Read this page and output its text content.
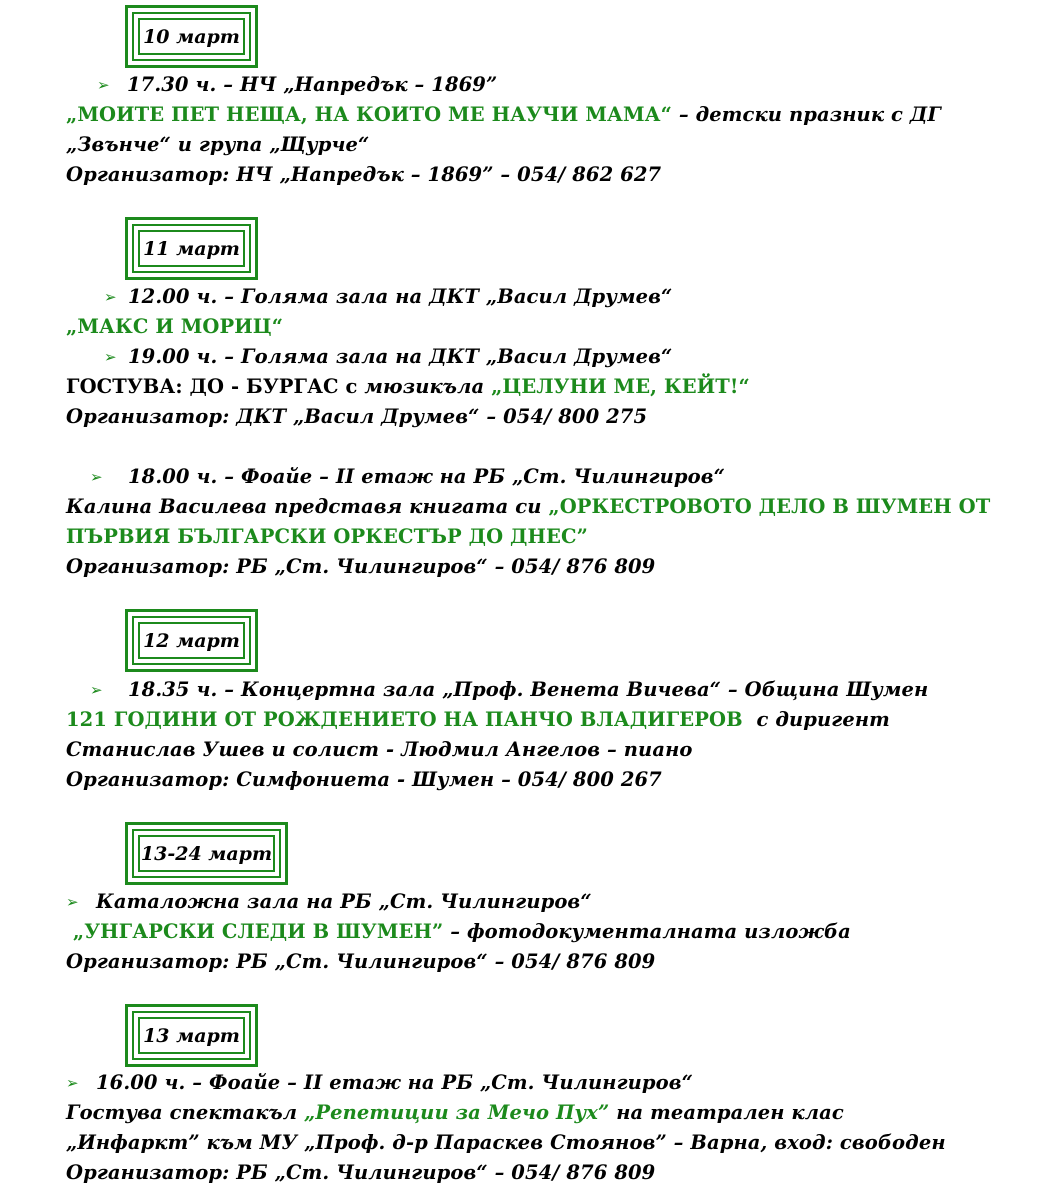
10 март
11 март
12 март
13-24 март
13 март
➢ 17.30 ч. – НЧ „Напредък – 1869”
„МОИТЕ ПЕТ НЕЩА, НА КОИТО МЕ НАУЧИ МАМА“ – детски празник с ДГ
„Звънче“ и група „Щурче“
Организатор: НЧ „Напредък – 1869” – 054/ 862 627
➢ 12.00 ч. – Голяма зала на ДКТ „Васил Друмев“
„МАКС И МОРИЦ“
➢ 19.00 ч. – Голяма зала на ДКТ „Васил Друмев“
ГОСТУВА: ДО - БУРГАС с мюзикъла „ЦЕЛУНИ МЕ, КЕЙТ!“
Организатор: ДКТ „Васил Друмев“ – 054/ 800 275
➢ 18.00 ч. – Фоайе – II етаж на РБ „Ст. Чилингиров“
Калина Василева представя книгата си „ОРКЕСТРОВОТО ДЕЛО В ШУМЕН ОТ
ПЪРВИЯ БЪЛГАРСКИ ОРКЕСТЪР ДО ДНЕС”
Организатор: РБ „Ст. Чилингиров“ – 054/ 876 809
➢ 18.35 ч. – Концертна зала „Проф. Венета Вичева“ – Община Шумен
121 ГОДИНИ ОТ РОЖДЕНИЕТО НА ПАНЧО ВЛАДИГЕРОВ  с диригент
Станислав Ушев и солист - Людмил Ангелов – пиано
Организатор: Симфониета - Шумен – 054/ 800 267
➢ Каталожна зала на РБ „Ст. Чилингиров“
„УНГАРСКИ СЛЕДИ В ШУМЕН” – фотодокументалната изложба
Организатор: РБ „Ст. Чилингиров“ – 054/ 876 809
➢ 16.00 ч. – Фоайе – II етаж на РБ „Ст. Чилингиров“
Гостува спектакъл „Репетиции за Мечо Пух” на театрален клас
„Инфаркт” към МУ „Проф. д-р Параскев Стоянов” – Варна, вход: свободен
Организатор: РБ „Ст. Чилингиров“ – 054/ 876 809
